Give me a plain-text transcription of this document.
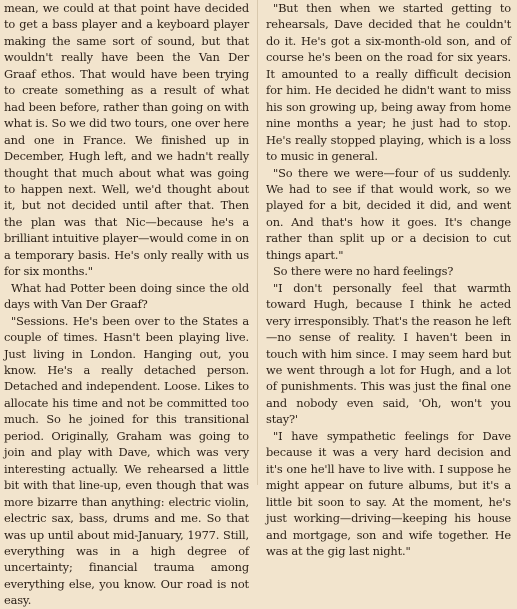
mean, we could at that point have decided to get a bass player and a keyboard player making the same sort of sound, but that wouldn't really have been the Van Der Graaf ethos. That would have been trying to create something as a result of what had been before, rather than going on with what is. So we did two tours, one over here and one in France. We finished up in December, Hugh left, and we hadn't really thought that much about what was going to happen next. Well, we'd thought about it, but not decided until after that. Then the plan was that Nic—because he's a brilliant intuitive player—would come in on a temporary basis. He's only really with us for six months."

What had Potter been doing since the old days with Van Der Graaf?

"Sessions. He's been over to the States a couple of times. Hasn't been playing live. Just living in London. Hanging out, you know. He's a really detached person. Detached and independent. Loose. Likes to allocate his time and not be committed too much. So he joined for this transitional period. Originally, Graham was going to join and play with Dave, which was very interesting actually. We rehearsed a little bit with that line-up, even though that was more bizarre than anything: electric violin, electric sax, bass, drums and me. So that was up until about mid-January, 1977. Still, everything was in a high degree of uncertainty; financial trauma among everything else, you know. Our road is not easy.

"But then when we started getting to rehearsals, Dave decided that he couldn't do it. He's got a six-month-old son, and of course he's been on the road for six years. It amounted to a really difficult decision for him. He decided he didn't want to miss his son growing up, being away from home nine months a year; he just had to stop. He's really stopped playing, which is a loss to music in general.

"So there we were—four of us suddenly. We had to see if that would work, so we played for a bit, decided it did, and went on. And that's how it goes. It's change rather than split up or a decision to cut things apart."

So there were no hard feelings?

"I don't personally feel that warmth toward Hugh, because I think he acted very irresponsibly. That's the reason he left—no sense of reality. I haven't been in touch with him since. I may seem hard but we went through a lot for Hugh, and a lot of punishments. This was just the final one and nobody even said, 'Oh, won't you stay?'

"I have sympathetic feelings for Dave because it was a very hard decision and it's one he'll have to live with. I suppose he might appear on future albums, but it's a little bit soon to say. At the moment, he's just working—driving—keeping his house and mortgage, son and wife together. He was at the gig last night."
